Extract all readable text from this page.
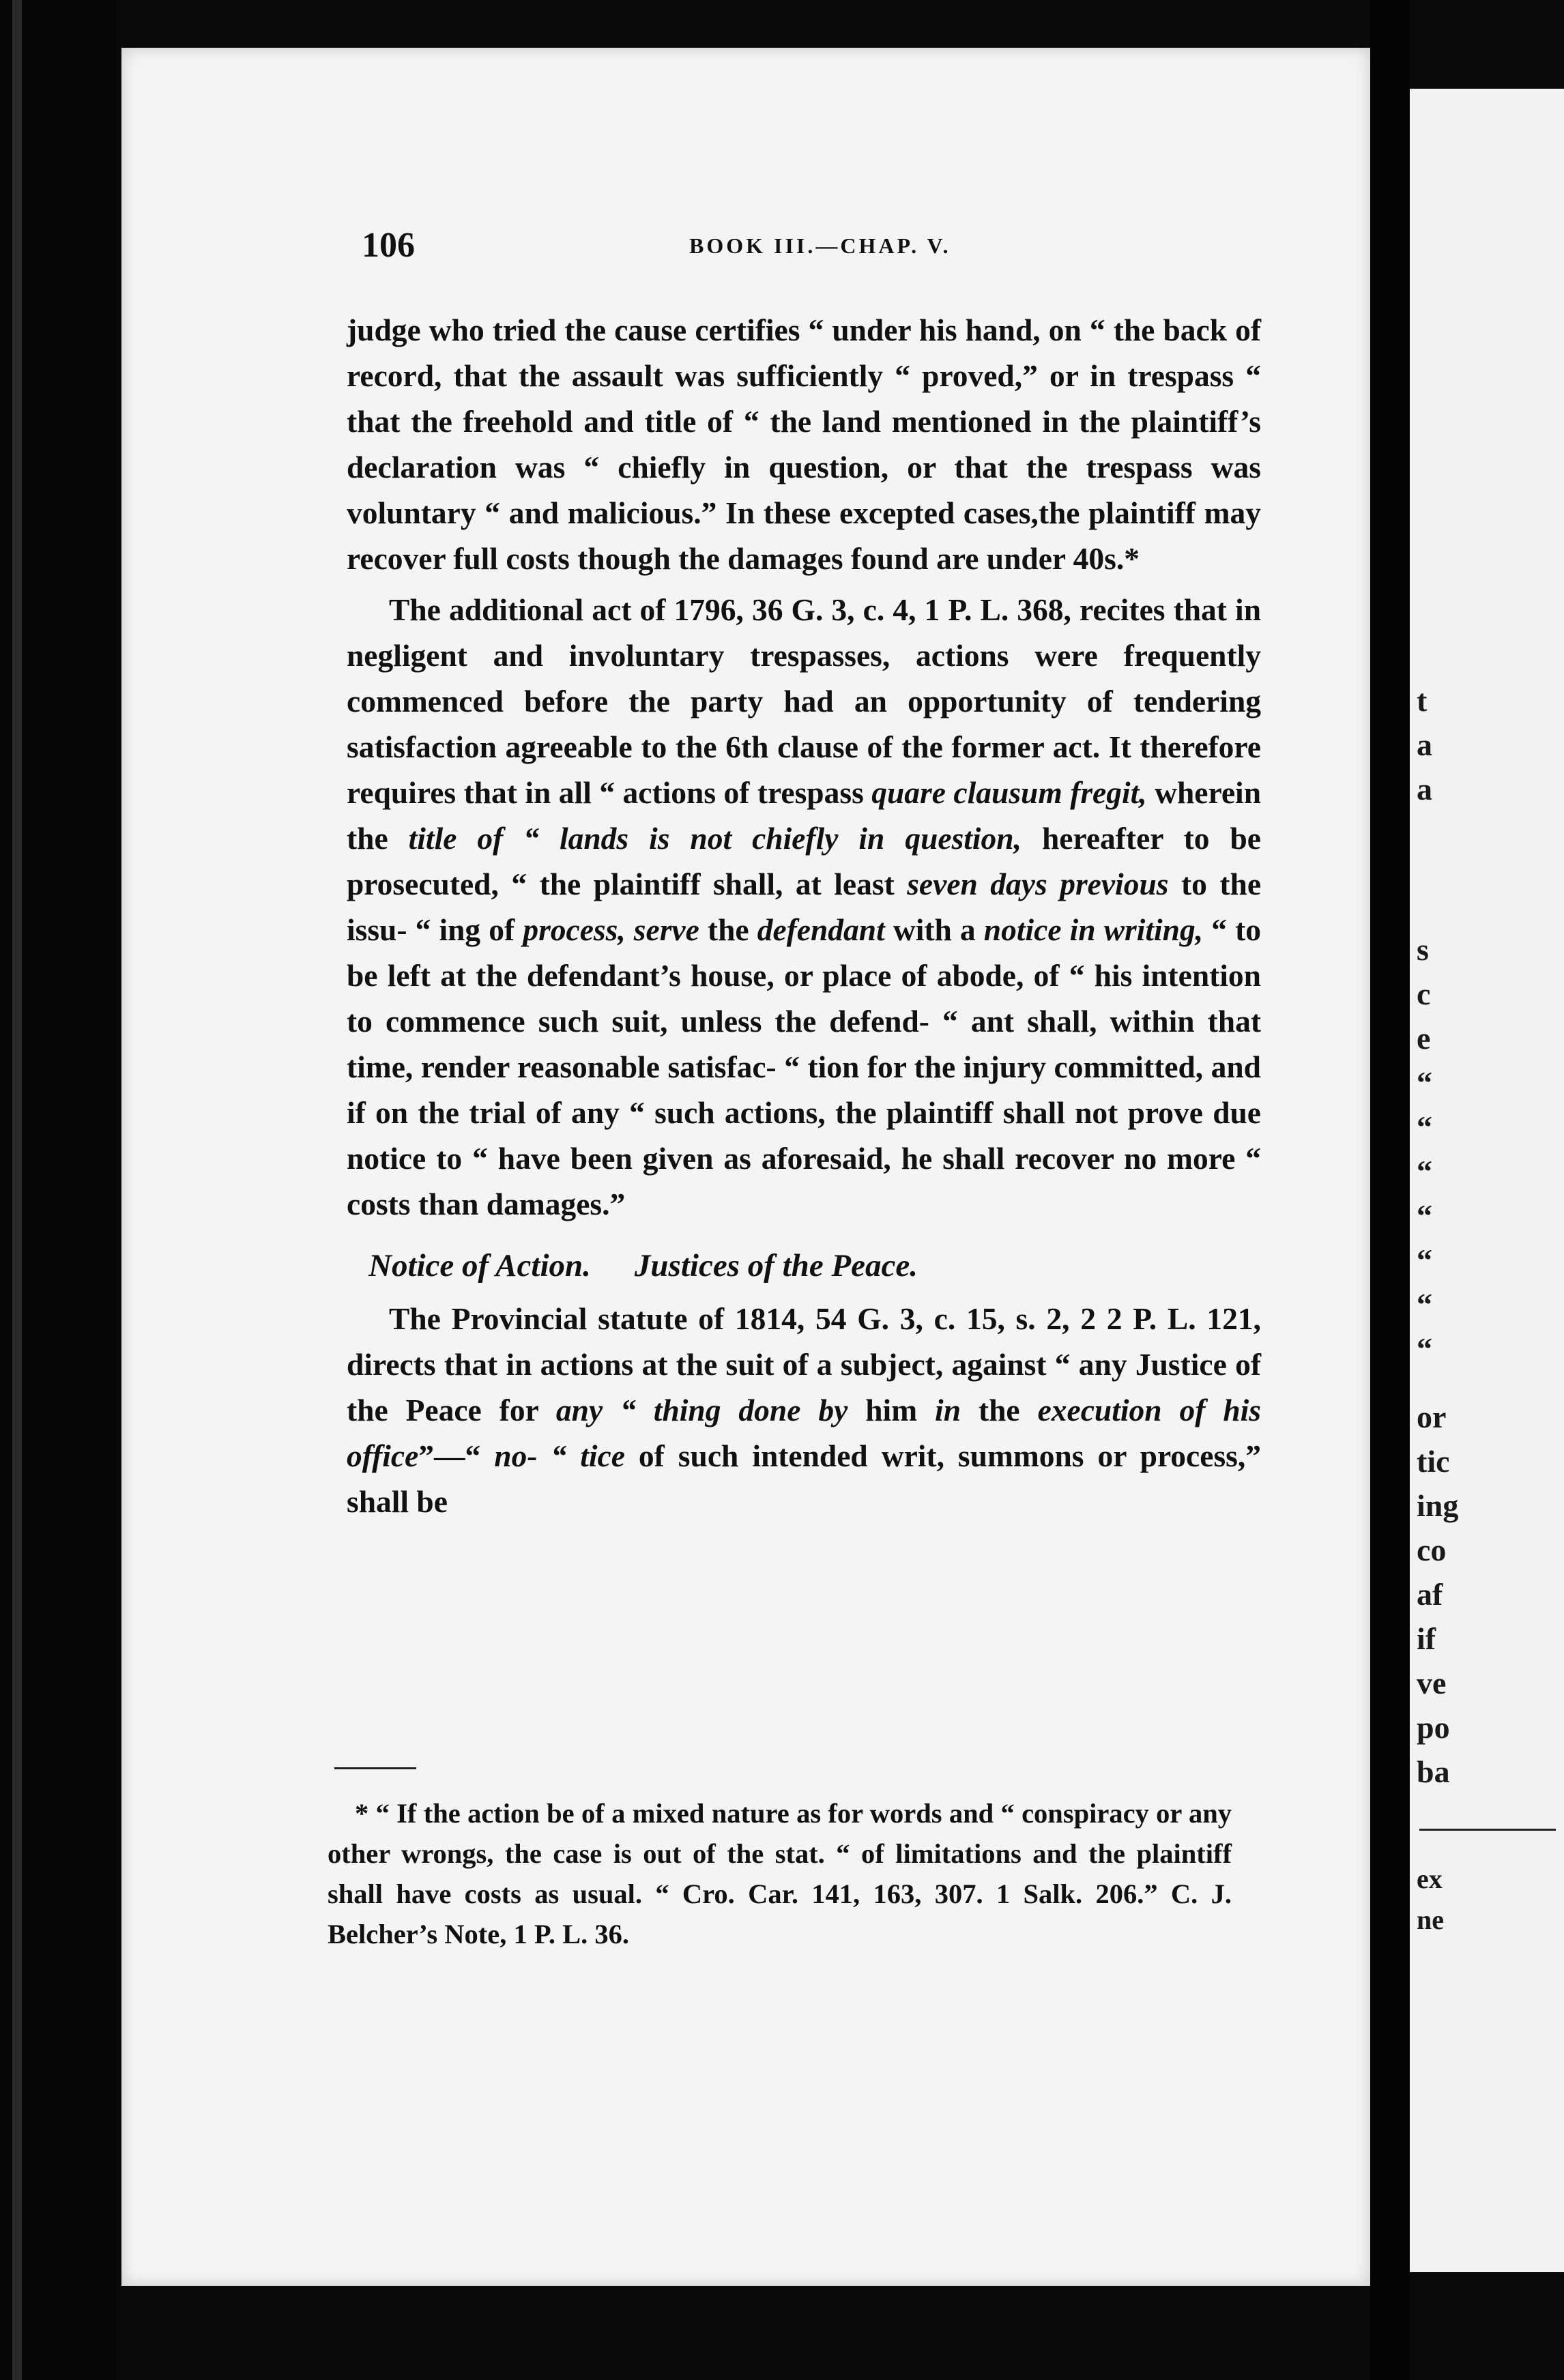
106	BOOK III.—CHAP. V.

judge who tried the cause certifies “ under his hand, on “ the back of record, that the assault was sufficiently “ proved,” or in trespass “ that the freehold and title of “ the land mentioned in the plaintiff’s declaration was “ chiefly in question, or that the trespass was voluntary “ and malicious.” In these excepted cases,the plaintiff may recover full costs though the damages found are under 40s.*

The additional act of 1796, 36 G. 3, c. 4, 1 P. L. 368, recites that in negligent and involuntary trespasses, actions were frequently commenced before the party had an opportunity of tendering satisfaction agreeable to the 6th clause of the former act. It therefore requires that in all “ actions of trespass quare clausum fregit, wherein the title of “ lands is not chiefly in question, hereafter to be prosecuted, “ the plaintiff shall, at least seven days previous to the issu- “ ing of process, serve the defendant with a notice in writing, “ to be left at the defendant’s house, or place of abode, of “ his intention to commence such suit, unless the defend- “ ant shall, within that time, render reasonable satisfac- “ tion for the injury committed, and if on the trial of any “ such actions, the plaintiff shall not prove due notice to “ have been given as aforesaid, he shall recover no more “ costs than damages.”

Notice of Action. Justices of the Peace.

The Provincial statute of 1814, 54 G. 3, c. 15, s. 2, 2 2 P. L. 121, directs that in actions at the suit of a subject, against “ any Justice of the Peace for any “ thing done by him in the execution of his office”—“ no- “ tice of such intended writ, summons or process,” shall be

* “ If the action be of a mixed nature as for words and “ conspiracy or any other wrongs, the case is out of the stat. “ of limitations and the plaintiff shall have costs as usual. “ Cro. Car. 141, 163, 307. 1 Salk. 206.” C. J. Belcher’s Note, 1 P. L. 36.

t
a
a
s
c
e
“
“
“
“
“
“
“
or
tic
ing
co
af
if
ve
po
ba
ex
ne
